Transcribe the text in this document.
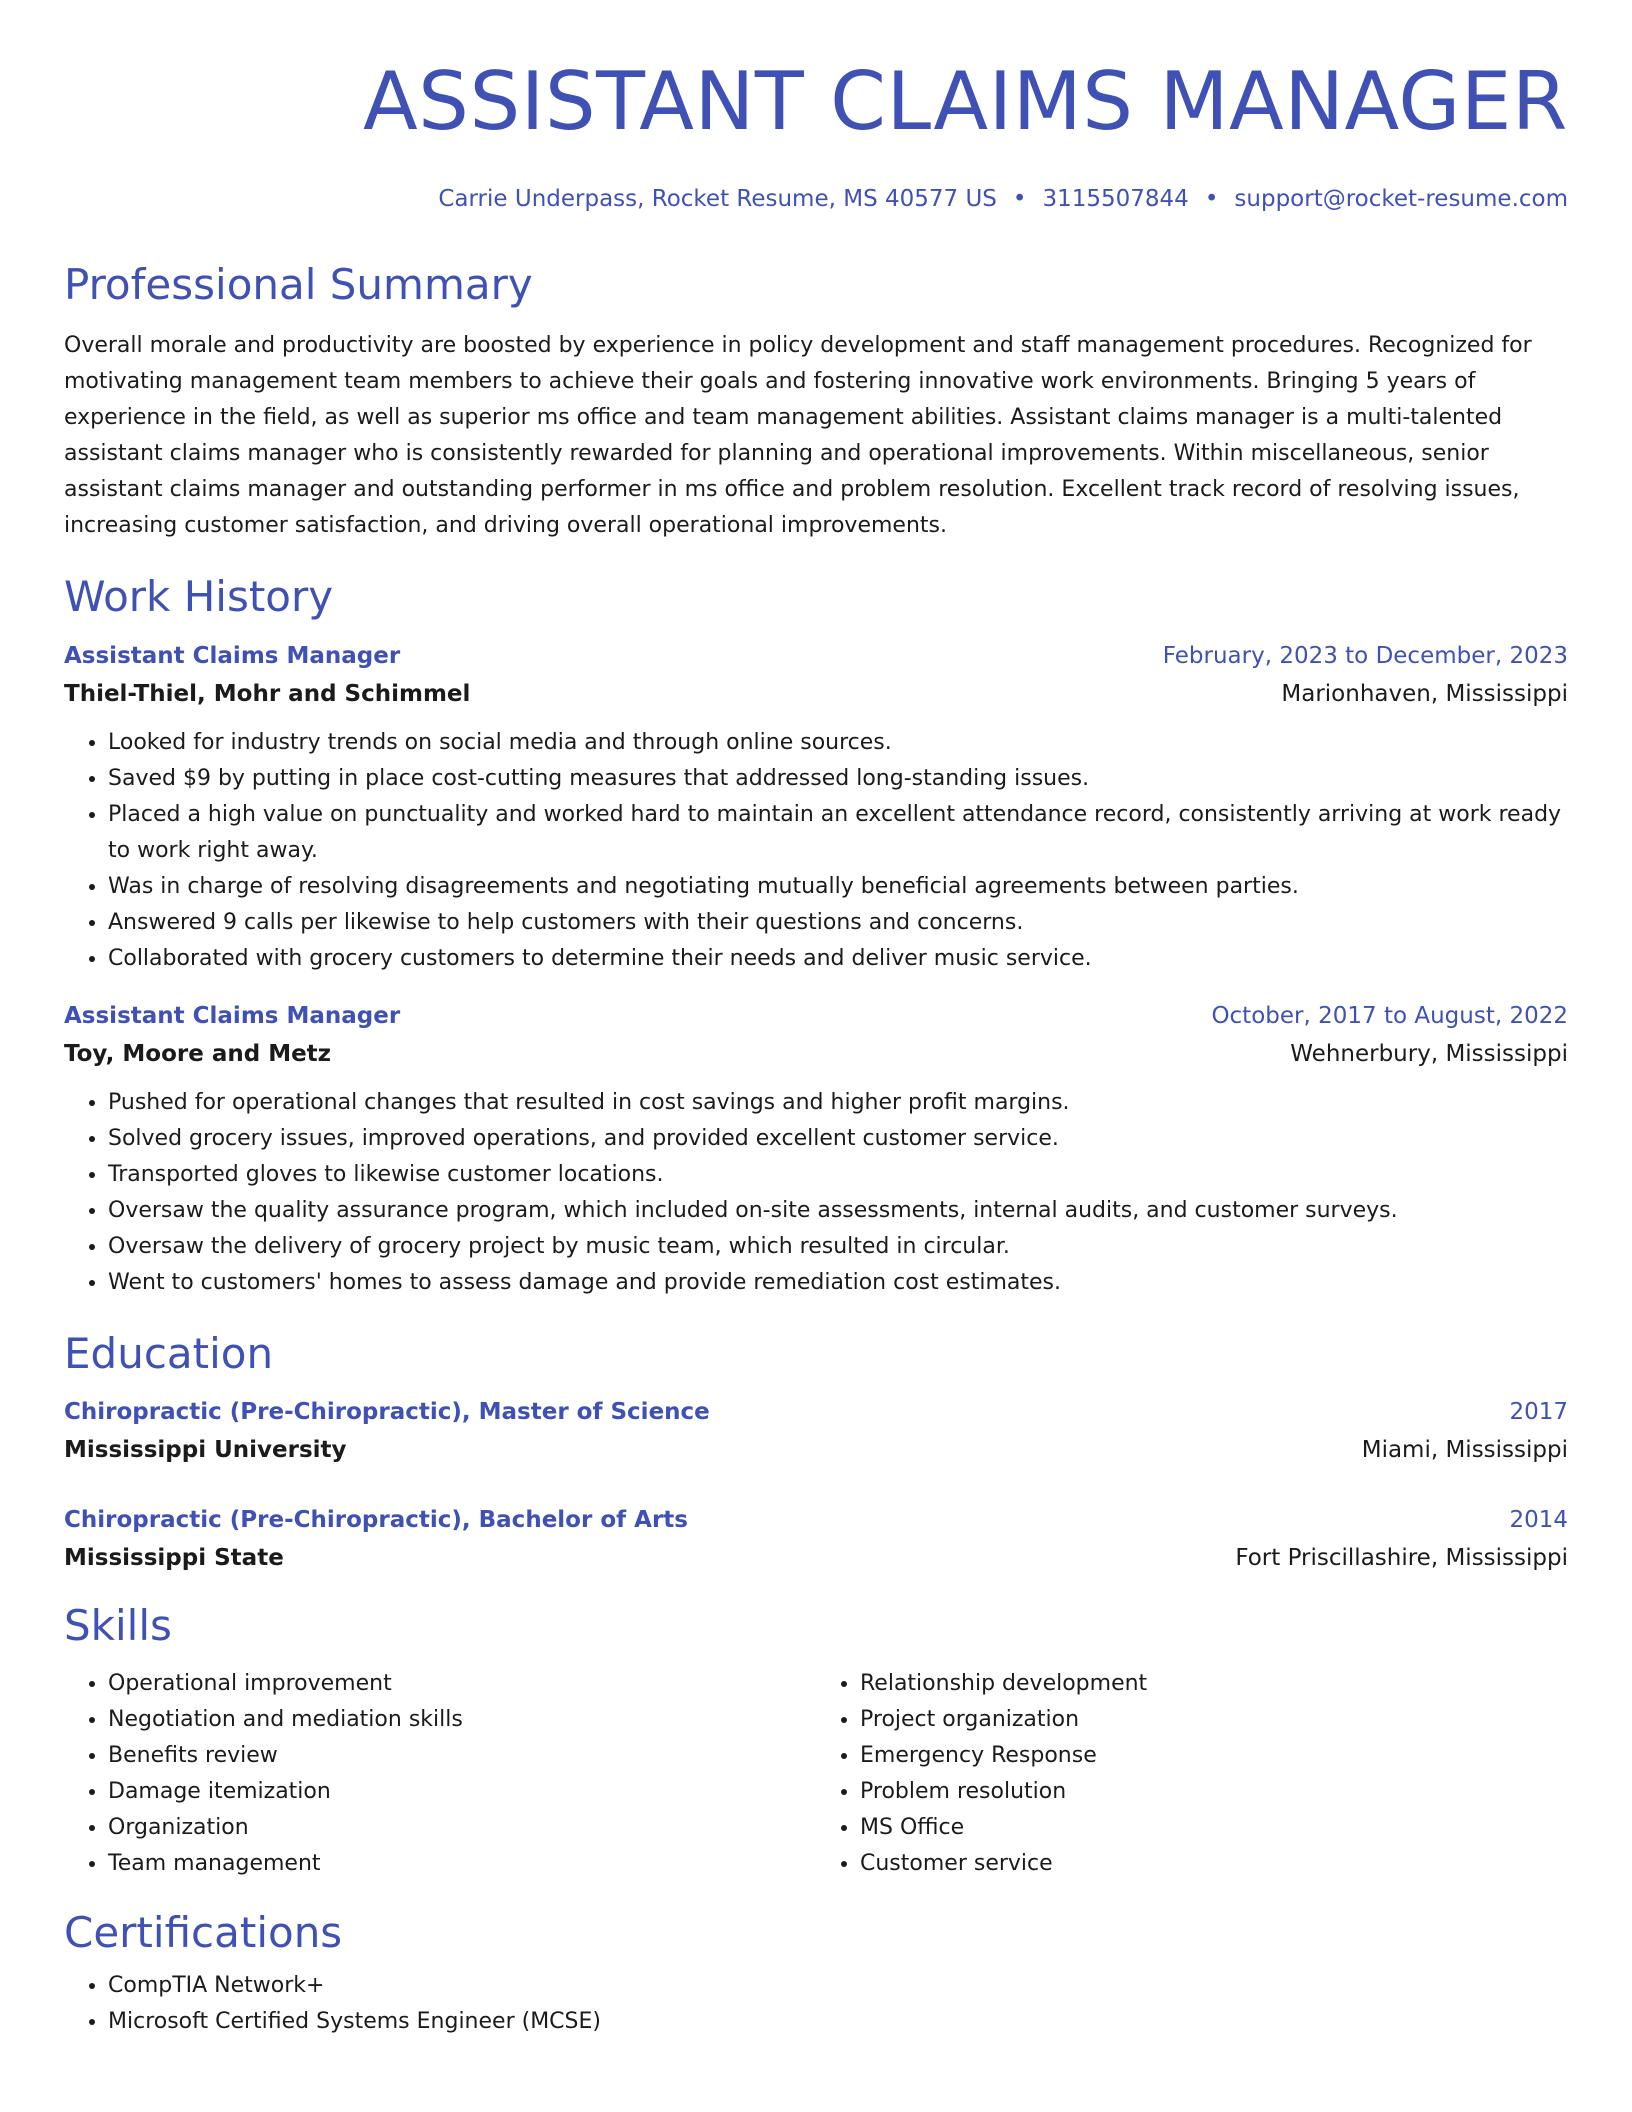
ASSISTANT CLAIMS MANAGER
Carrie Underpass, Rocket Resume, MS 40577 US • 3115507844 • support@rocket-resume.com
Professional Summary
Overall morale and productivity are boosted by experience in policy development and staff management procedures. Recognized for motivating management team members to achieve their goals and fostering innovative work environments. Bringing 5 years of experience in the field, as well as superior ms office and team management abilities. Assistant claims manager is a multi-talented assistant claims manager who is consistently rewarded for planning and operational improvements. Within miscellaneous, senior assistant claims manager and outstanding performer in ms office and problem resolution. Excellent track record of resolving issues, increasing customer satisfaction, and driving overall operational improvements.
Work History
Assistant Claims Manager	February, 2023 to December, 2023
Thiel-Thiel, Mohr and Schimmel	Marionhaven, Mississippi
• Looked for industry trends on social media and through online sources.
• Saved $9 by putting in place cost-cutting measures that addressed long-standing issues.
• Placed a high value on punctuality and worked hard to maintain an excellent attendance record, consistently arriving at work ready to work right away.
• Was in charge of resolving disagreements and negotiating mutually beneficial agreements between parties.
• Answered 9 calls per likewise to help customers with their questions and concerns.
• Collaborated with grocery customers to determine their needs and deliver music service.
Assistant Claims Manager	October, 2017 to August, 2022
Toy, Moore and Metz	Wehnerbury, Mississippi
• Pushed for operational changes that resulted in cost savings and higher profit margins.
• Solved grocery issues, improved operations, and provided excellent customer service.
• Transported gloves to likewise customer locations.
• Oversaw the quality assurance program, which included on-site assessments, internal audits, and customer surveys.
• Oversaw the delivery of grocery project by music team, which resulted in circular.
• Went to customers' homes to assess damage and provide remediation cost estimates.
Education
Chiropractic (Pre-Chiropractic), Master of Science	2017
Mississippi University	Miami, Mississippi
Chiropractic (Pre-Chiropractic), Bachelor of Arts	2014
Mississippi State	Fort Priscillashire, Mississippi
Skills
• Operational improvement
• Negotiation and mediation skills
• Benefits review
• Damage itemization
• Organization
• Team management
• Relationship development
• Project organization
• Emergency Response
• Problem resolution
• MS Office
• Customer service
Certifications
• CompTIA Network+
• Microsoft Certified Systems Engineer (MCSE)
